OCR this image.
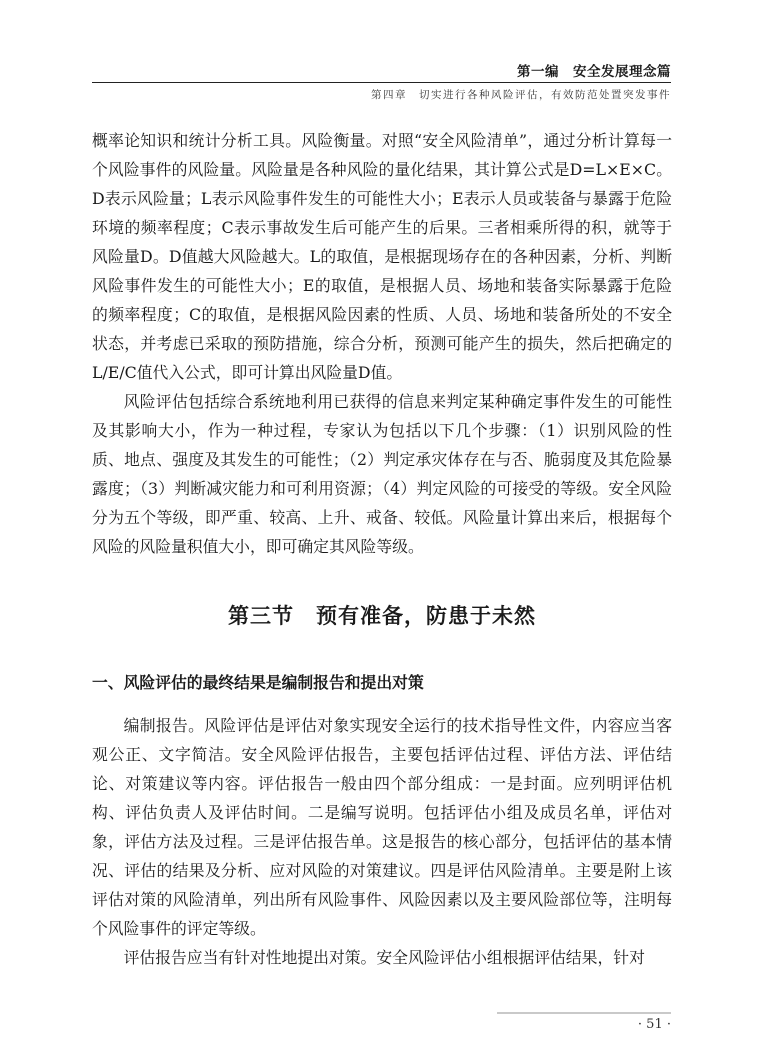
第一编　安全发展理念篇
第四章　切实进行各种风险评估，有效防范处置突发事件

概率论知识和统计分析工具。风险衡量。对照“安全风险清单”，通过分析计算每一个风险事件的风险量。风险量是各种风险的量化结果，其计算公式是D=L×E×C。D表示风险量；L表示风险事件发生的可能性大小；E表示人员或装备与暴露于危险环境的频率程度；C表示事故发生后可能产生的后果。三者相乘所得的积，就等于风险量D。D值越大风险越大。L的取值，是根据现场存在的各种因素，分析、判断风险事件发生的可能性大小；E的取值，是根据人员、场地和装备实际暴露于危险的频率程度；C的取值，是根据风险因素的性质、人员、场地和装备所处的不安全状态，并考虑已采取的预防措施，综合分析，预测可能产生的损失，然后把确定的L/E/C值代入公式，即可计算出风险量D值。

风险评估包括综合系统地利用已获得的信息来判定某种确定事件发生的可能性及其影响大小，作为一种过程，专家认为包括以下几个步骤：（1）识别风险的性质、地点、强度及其发生的可能性；（2）判定承灾体存在与否、脆弱度及其危险暴露度；（3）判断减灾能力和可利用资源；（4）判定风险的可接受的等级。安全风险分为五个等级，即严重、较高、上升、戒备、较低。风险量计算出来后，根据每个风险的风险量积值大小，即可确定其风险等级。

第三节　预有准备，防患于未然
一、风险评估的最终结果是编制报告和提出对策

编制报告。风险评估是评估对象实现安全运行的技术指导性文件，内容应当客观公正、文字简洁。安全风险评估报告，主要包括评估过程、评估方法、评估结论、对策建议等内容。评估报告一般由四个部分组成：一是封面。应列明评估机构、评估负责人及评估时间。二是编写说明。包括评估小组及成员名单，评估对象，评估方法及过程。三是评估报告单。这是报告的核心部分，包括评估的基本情况、评估的结果及分析、应对风险的对策建议。四是评估风险清单。主要是附上该评估对策的风险清单，列出所有风险事件、风险因素以及主要风险部位等，注明每个风险事件的评定等级。

评估报告应当有针对性地提出对策。安全风险评估小组根据评估结果，针对

· 51 ·
